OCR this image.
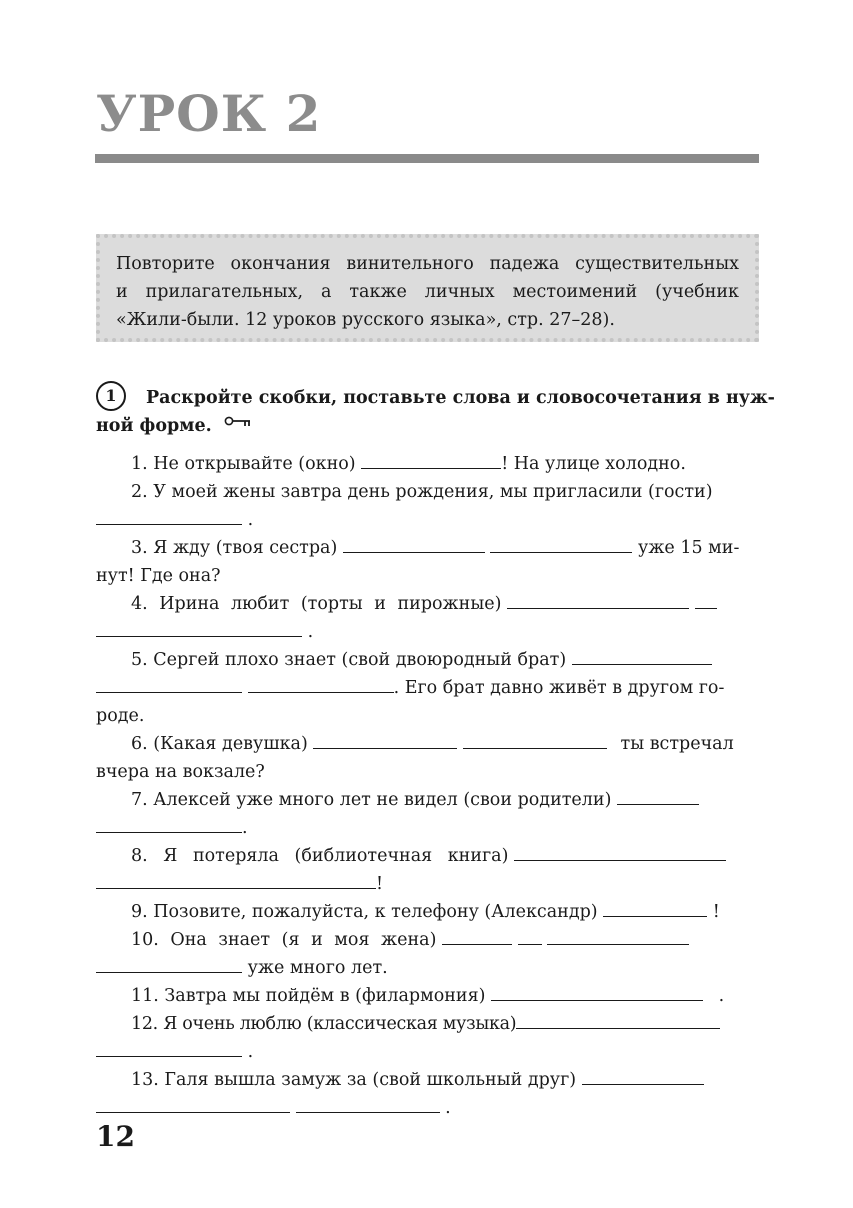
УРОК 2
Повторите окончания винительного падежа существительных
и прилагательных, а также личных местоимений (учебник
«Жили-были. 12 уроков русского языка», стр. 27–28).
1	Раскройте скобки, поставьте слова и словосочетания в нуж-
ной форме.
1. Не открывайте (окно)	! На улице холодно.
2. У моей жены завтра день рождения, мы пригласили (гости)
.
3. Я жду (твоя сестра)	уже 15 ми-
нут! Где она?
4. Ирина любит (торты и пирожные)
.
5. Сергей плохо знает (свой двоюродный брат)
. Его брат давно живёт в другом го-
роде.
6. (Какая девушка)	ты встречал
вчера на вокзале?
7. Алексей уже много лет не видел (свои родители)
.
8. Я потеряла (библиотечная книга)
!
9. Позовите, пожалуйста, к телефону (Александр)	!
10. Она знает (я и моя жена)
уже много лет.
11. Завтра мы пойдём в (филармония)	.
12. Я очень люблю (классическая музыка)
.
13. Галя вышла замуж за (свой школьный друг)
.
12
